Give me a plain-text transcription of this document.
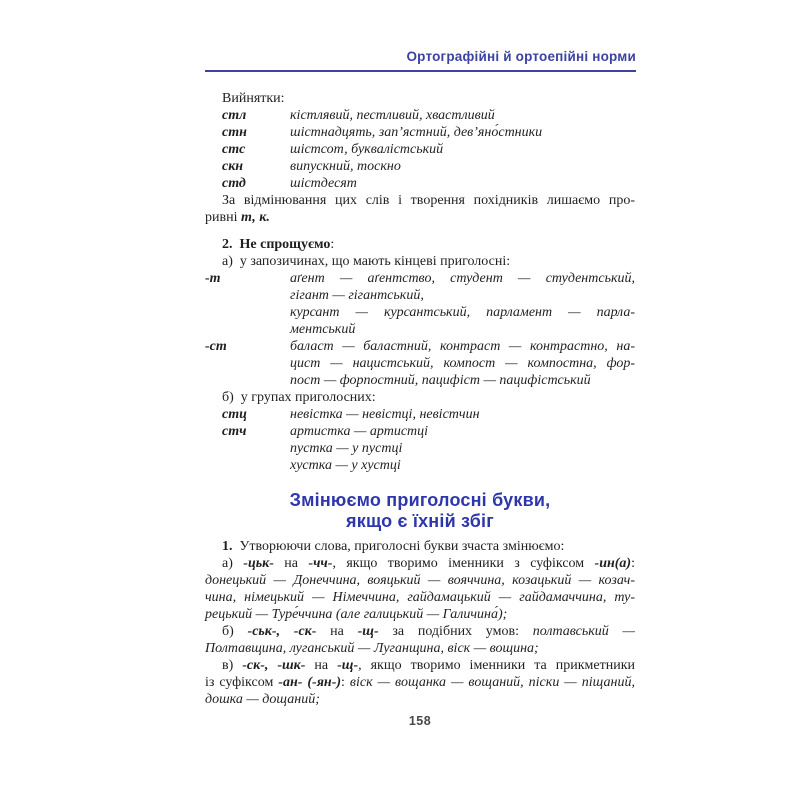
Ортографійні й ортоепійні норми
Вийнятки:
стл	кістлявий, пестливий, хвастливий
стн	шістнадцять, зап’ястний, дев’яно́стники
стс	шістсот, буквалістський
скн	випускний, тоскно
стд	шістдесят
За відмінювання цих слів і творення похідників лишаємо про-
ривні т, к.
2.  Не спрощуємо:
а) у запозичинах, що мають кінцеві приголосні:
-т	аґент — аґентство, студент — студентський,
гігант — гігантський,
курсант — курсантський, парламент — парла-
ментський
-ст	баласт — баластний, контраст — контрастно, на-
цист — нацистський, компост — компостна, фор-
пост — форпостний, пацифіст — пацифістський
б) у групах приголосних:
стц	невістка — невістці, невістчин
стч	артистка — артистці
пустка — у пустці
хустка — у хустці
Змінюємо приголосні букви,
якщо є їхній збіг
1. Утворюючи слова, приголосні букви зчаста змінюємо:
а) -цьк- на -чч-, якщо творимо іменники з суфіксом -ин(а):
донецький — Донеччина, вояцький — вояччина, козацький — козач-
чина, німецький — Німеччина, гайдамацький — гайдамаччина, ту-
рецький — Туре́ччина (але галицький — Галичина́);
б) -ськ-, -ск- на -щ- за подібних умов: полтавський —
Полтавщина, луганський — Луганщина, віск — вощина;
в) -ск-, -шк- на -щ-, якщо творимо іменники та прикметники
із суфіксом -ан- (-ян-): віск — вощанка — вощаний, піски — піщаний,
дошка — дощаний;
158
